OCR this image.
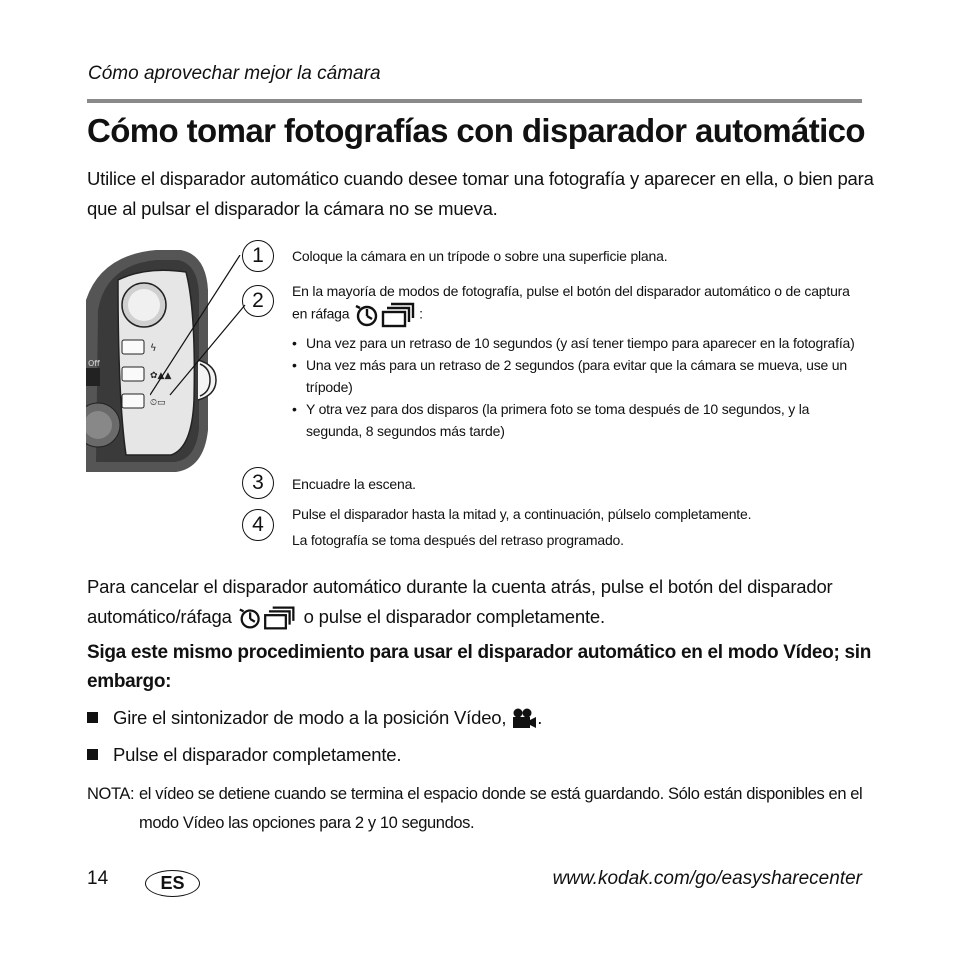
Cómo aprovechar mejor la cámara
Cómo tomar fotografías con disparador automático
Utilice el disparador automático cuando desee tomar una fotografía y aparecer en ella, o bien para que al pulsar el disparador la cámara no se mueva.
ϟ
✿▲▲
⏲▭
Off
1
2
3
4
Coloque la cámara en un trípode o sobre una superficie plana.
En la mayoría de modos de fotografía, pulse el botón del disparador automático o de captura en ráfaga	:
• Una vez para un retraso de 10 segundos (y así tener tiempo para aparecer en la fotografía)
• Una vez más para un retraso de 2 segundos (para evitar que la cámara se mueva, use un trípode)
• Y otra vez para dos disparos (la primera foto se toma después de 10 segundos, y la segunda, 8 segundos más tarde)
Encuadre la escena.
Pulse el disparador hasta la mitad y, a continuación, púlselo completamente.
La fotografía se toma después del retraso programado.
Para cancelar el disparador automático durante la cuenta atrás, pulse el botón del disparador automático/ráfaga	o pulse el disparador completamente.
Siga este mismo procedimiento para usar el disparador automático en el modo Vídeo; sin embargo:
Gire el sintonizador de modo a la posición Vídeo, .
Pulse el disparador completamente.
NOTA: el vídeo se detiene cuando se termina el espacio donde se está guardando. Sólo están disponibles en el modo Vídeo las opciones para 2 y 10 segundos.
14	ES	www.kodak.com/go/easysharecenter
